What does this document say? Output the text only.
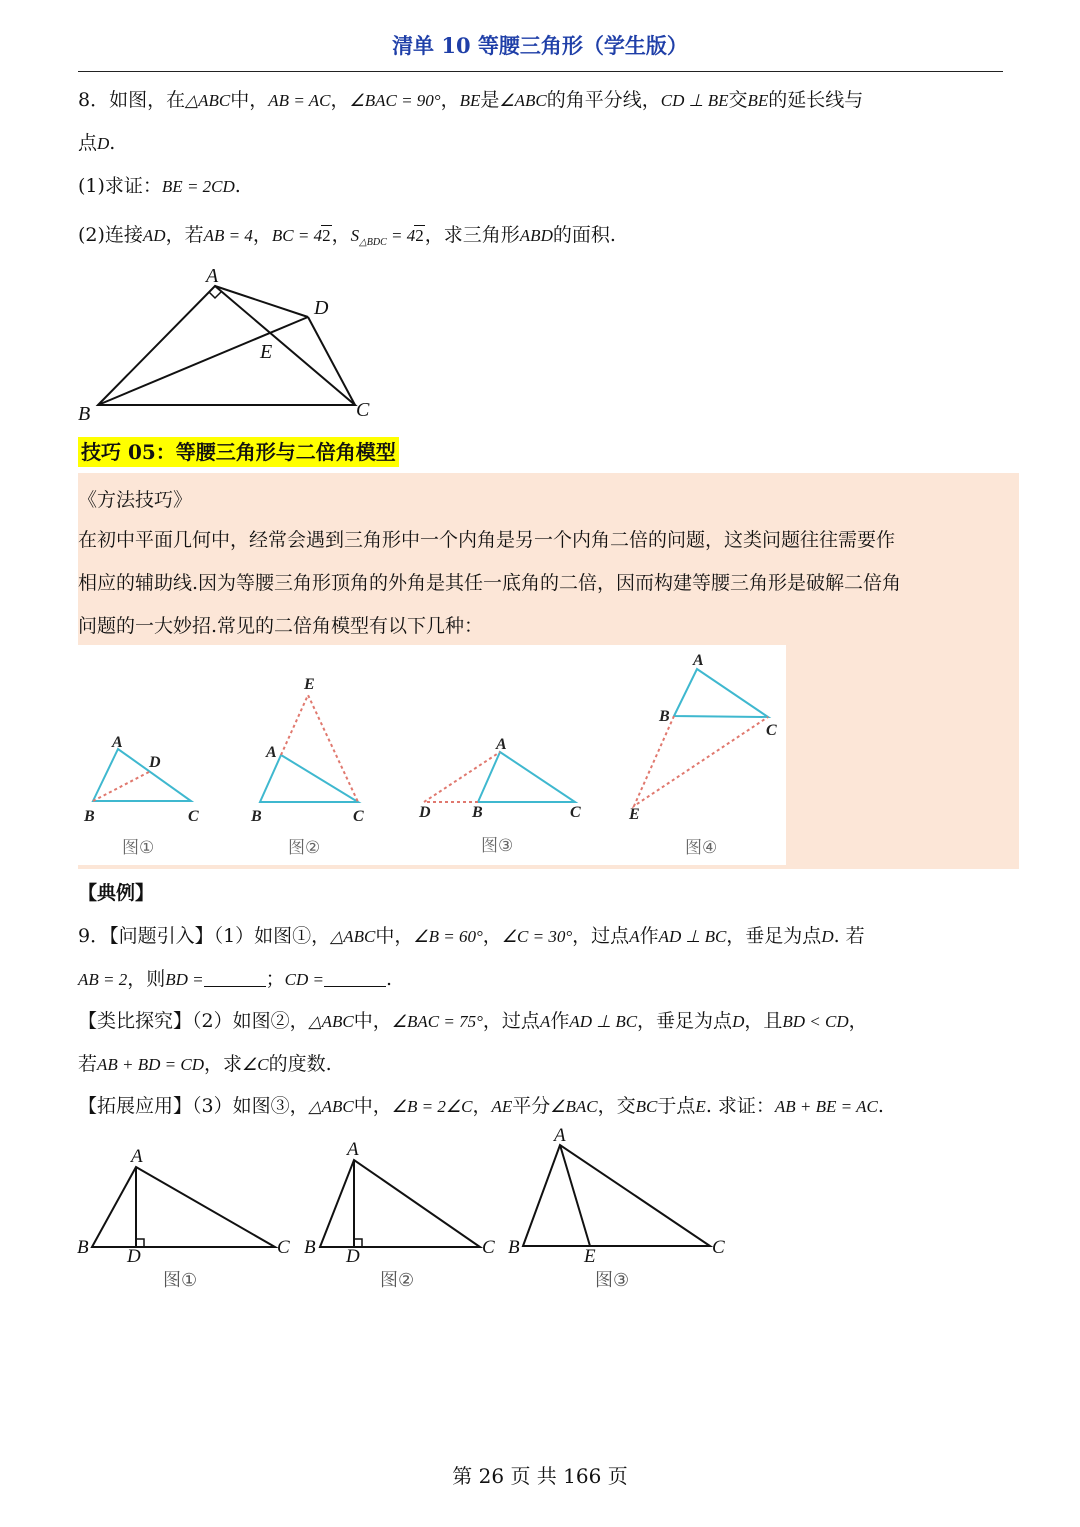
清单 10 等腰三角形（学生版）
8．如图，在△ABC中，AB = AC，∠BAC = 90°，BE是∠ABC的角平分线，CD ⊥ BE交BE的延长线与
点D.
(1)求证：BE = 2CD.
(2)连接AD，若AB = 4，BC = 42，$S_{\triangle BDC} = 42$，求三角形ABD的面积.
A
D
E
B	C
技巧 05：等腰三角形与二倍角模型
《方法技巧》
在初中平面几何中，经常会遇到三角形中一个内角是另一个内角二倍的问题，这类问题往往需要作
相应的辅助线.因为等腰三角形顶角的外角是其任一底角的二倍，因而构建等腰三角形是破解二倍角
问题的一大妙招.常见的二倍角模型有以下几种：
A
D
B	C
E
A
B	C
A
D	B	C
A
B
C
E
图①	图②	图③	图④
【典例】
9．【问题引入】（1）如图①，△ABC中，∠B = 60°，∠C = 30°，过点A作AD ⊥ BC，垂足为点D. 若
AB = 2，则BD =	；CD =	.
【类比探究】（2）如图②，△ABC中，∠BAC = 75°，过点A作AD ⊥ BC，垂足为点D，且BD < CD，
若AB + BD = CD，求∠C的度数.
【拓展应用】（3）如图③，△ABC中，∠B = 2∠C，AE平分∠BAC，交BC于点E. 求证：AB + BE = AC.
A
B D	C
A
B D	C
A
B	E	C
图①	图②	图③
第 26 页 共 166 页
